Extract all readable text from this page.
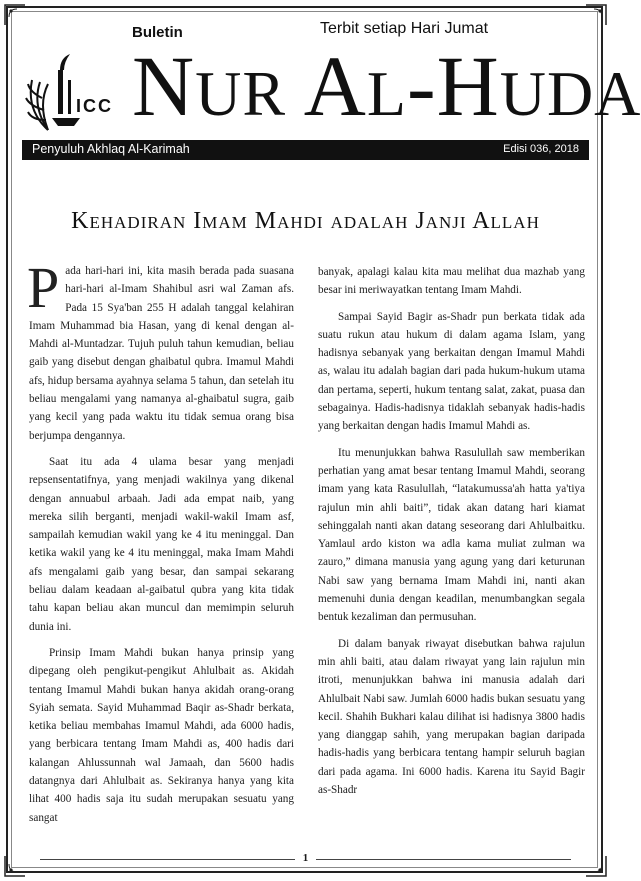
ICC
Buletin	Terbit setiap Hari Jumat
NUR AL-HUDA
Penyuluh Akhlaq Al-Karimah	Edisi 036, 2018
Kehadiran Imam Mahdi adalah Janji Allah

Pada hari-hari ini, kita masih berada pada suasana hari-hari al-Imam Shahibul asri wal Zaman afs. Pada 15 Sya'ban 255 H adalah tanggal kelahiran Imam Muhammad bia Hasan, yang di kenal dengan al-Mahdi al-Muntadzar. Tujuh puluh tahun kemudian, beliau gaib yang disebut dengan ghaibatul qubra. Imamul Mahdi afs, hidup bersama ayahnya selama 5 tahun, dan setelah itu beliau mengalami yang namanya al-ghaibatul sugra, gaib yang kecil yang pada waktu itu tidak semua orang bisa berjumpa dengannya.

Saat itu ada 4 ulama besar yang menjadi repsensentatifnya, yang menjadi wakilnya yang dikenal dengan annuabul arbaah. Jadi ada empat naib, yang mereka silih berganti, menjadi wakil-wakil Imam asf, sampailah kemudian wakil yang ke 4 itu meninggal. Dan ketika wakil yang ke 4 itu meninggal, maka Imam Mahdi afs mengalami gaib yang besar, dan sampai sekarang beliau dalam keadaan al-gaibatul qubra yang kita tidak tahu kapan beliau akan muncul dan memimpin seluruh dunia ini.

Prinsip Imam Mahdi bukan hanya prinsip yang dipegang oleh pengikut-pengikut Ahlulbait as. Akidah tentang Imamul Mahdi bukan hanya akidah orang-orang Syiah semata. Sayid Muhammad Baqir as-Shadr berkata, ketika beliau membahas Imamul Mahdi, ada 6000 hadis, yang berbicara tentang Imam Mahdi as, 400 hadis dari kalangan Ahlussunnah wal Jamaah, dan 5600 hadis datangnya dari Ahlulbait as. Sekiranya hanya yang kita lihat 400 hadis saja itu sudah merupakan sesuatu yang sangat

banyak, apalagi kalau kita mau melihat dua mazhab yang besar ini meriwayatkan tentang Imam Mahdi.

Sampai Sayid Bagir as-Shadr pun berkata tidak ada suatu rukun atau hukum di dalam agama Islam, yang hadisnya sebanyak yang berkaitan dengan Imamul Mahdi as, walau itu adalah bagian dari pada hukum-hukum utama dan pertama, seperti, hukum tentang salat, zakat, puasa dan sebagainya. Hadis-hadisnya tidaklah sebanyak hadis-hadis yang berkaitan dengan hadis Imamul Mahdi as.

Itu menunjukkan bahwa Rasulullah saw memberikan perhatian yang amat besar tentang Imamul Mahdi, seorang imam yang kata Rasulullah, “latakumussa'ah hatta ya'tiya rajulun min ahli baiti”, tidak akan datang hari kiamat sehinggalah nanti akan datang seseorang dari Ahlulbaitku. Yamlaul ardo kiston wa adla kama muliat zulman wa zauro,” dimana manusia yang agung yang dari keturunan Nabi saw yang bernama Imam Mahdi ini, nanti akan memenuhi dunia dengan keadilan, menumbangkan segala bentuk kezaliman dan permusuhan.

Di dalam banyak riwayat disebutkan bahwa rajulun min ahli baiti, atau dalam riwayat yang lain rajulun min itroti, menunjukkan bahwa ini manusia adalah dari Ahlulbait Nabi saw. Jumlah 6000 hadis bukan sesuatu yang kecil. Shahih Bukhari kalau dilihat isi hadisnya 3800 hadis yang dianggap sahih, yang merupakan bagian daripada hadis-hadis yang berbicara tentang hampir seluruh bagian dari pada agama. Ini 6000 hadis. Karena itu Sayid Bagir as-Shadr

1
